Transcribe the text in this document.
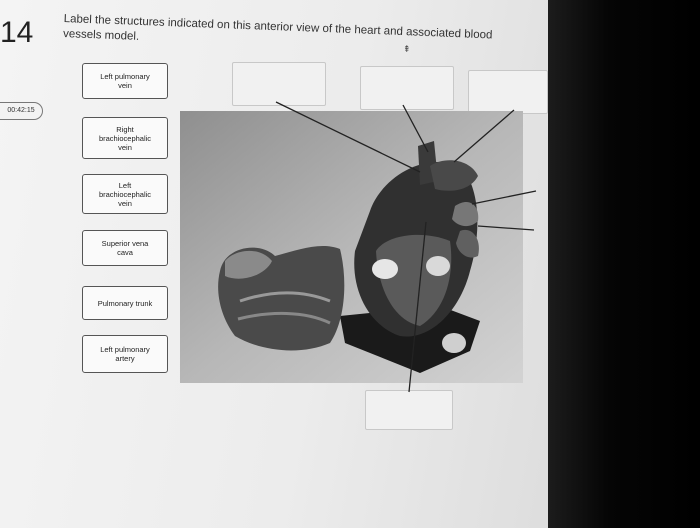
14	Label the structures indicated on this anterior view of the heart and associated blood vessels model.
⇞
00:42:15
Left pulmonary
vein
Right
brachiocephalic
vein
Left
brachiocephalic
vein
Superior vena
cava
Pulmonary trunk
Left pulmonary
artery
